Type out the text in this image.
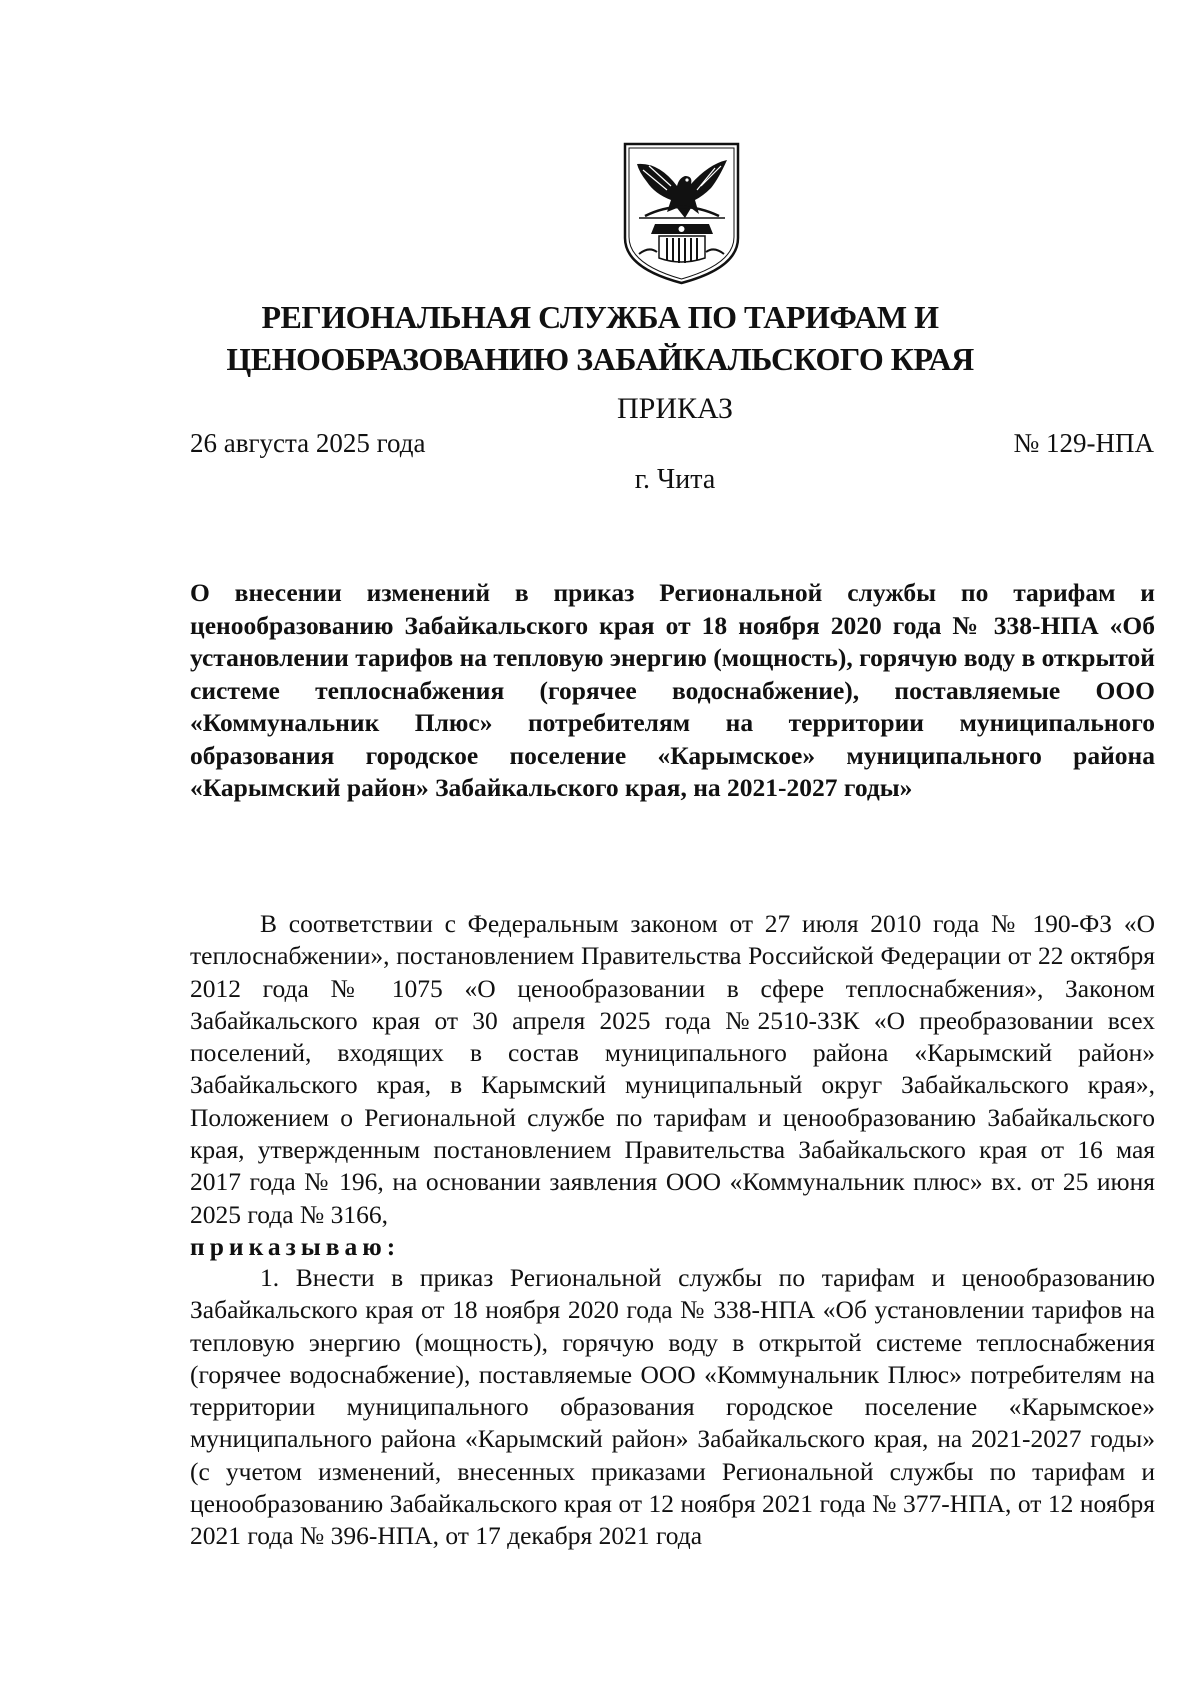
РЕГИОНАЛЬНАЯ СЛУЖБА ПО ТАРИФАМ И
ЦЕНООБРАЗОВАНИЮ ЗАБАЙКАЛЬСКОГО КРАЯ
ПРИКАЗ
26 августа 2025 года	№ 129-НПА
г. Чита
О внесении изменений в приказ Региональной службы по тарифам и ценообразованию Забайкальского края от 18 ноября 2020 года № 338-НПА «Об установлении тарифов на тепловую энергию (мощность), горячую воду в открытой системе теплоснабжения (горячее водоснабжение), поставляемые ООО «Коммунальник Плюс» потребителям на территории муниципального образования городское поселение «Карымское» муниципального района «Карымский район» Забайкальского края, на 2021-2027 годы»
В соответствии с Федеральным законом от 27 июля 2010 года № 190-ФЗ «О теплоснабжении», постановлением Правительства Российской Федерации от 22 октября 2012 года № 1075 «О ценообразовании в сфере теплоснабжения», Законом Забайкальского края от 30 апреля 2025 года №2510-ЗЗК «О преобразовании всех поселений, входящих в состав муниципального района «Карымский район» Забайкальского края, в Карымский муниципальный округ Забайкальского края», Положением о Региональной службе по тарифам и ценообразованию Забайкальского края, утвержденным постановлением Правительства Забайкальского края от 16 мая 2017 года № 196, на основании заявления ООО «Коммунальник плюс» вх. от 25 июня 2025 года № 3166,
приказываю:
1. Внести в приказ Региональной службы по тарифам и ценообразованию Забайкальского края от 18 ноября 2020 года № 338-НПА «Об установлении тарифов на тепловую энергию (мощность), горячую воду в открытой системе теплоснабжения (горячее водоснабжение), поставляемые ООО «Коммунальник Плюс» потребителям на территории муниципального образования городское поселение «Карымское» муниципального района «Карымский район» Забайкальского края, на 2021-2027 годы» (с учетом изменений, внесенных приказами Региональной службы по тарифам и ценообразованию Забайкальского края от 12 ноября 2021 года № 377-НПА, от 12 ноября 2021 года № 396-НПА, от 17 декабря 2021 года
